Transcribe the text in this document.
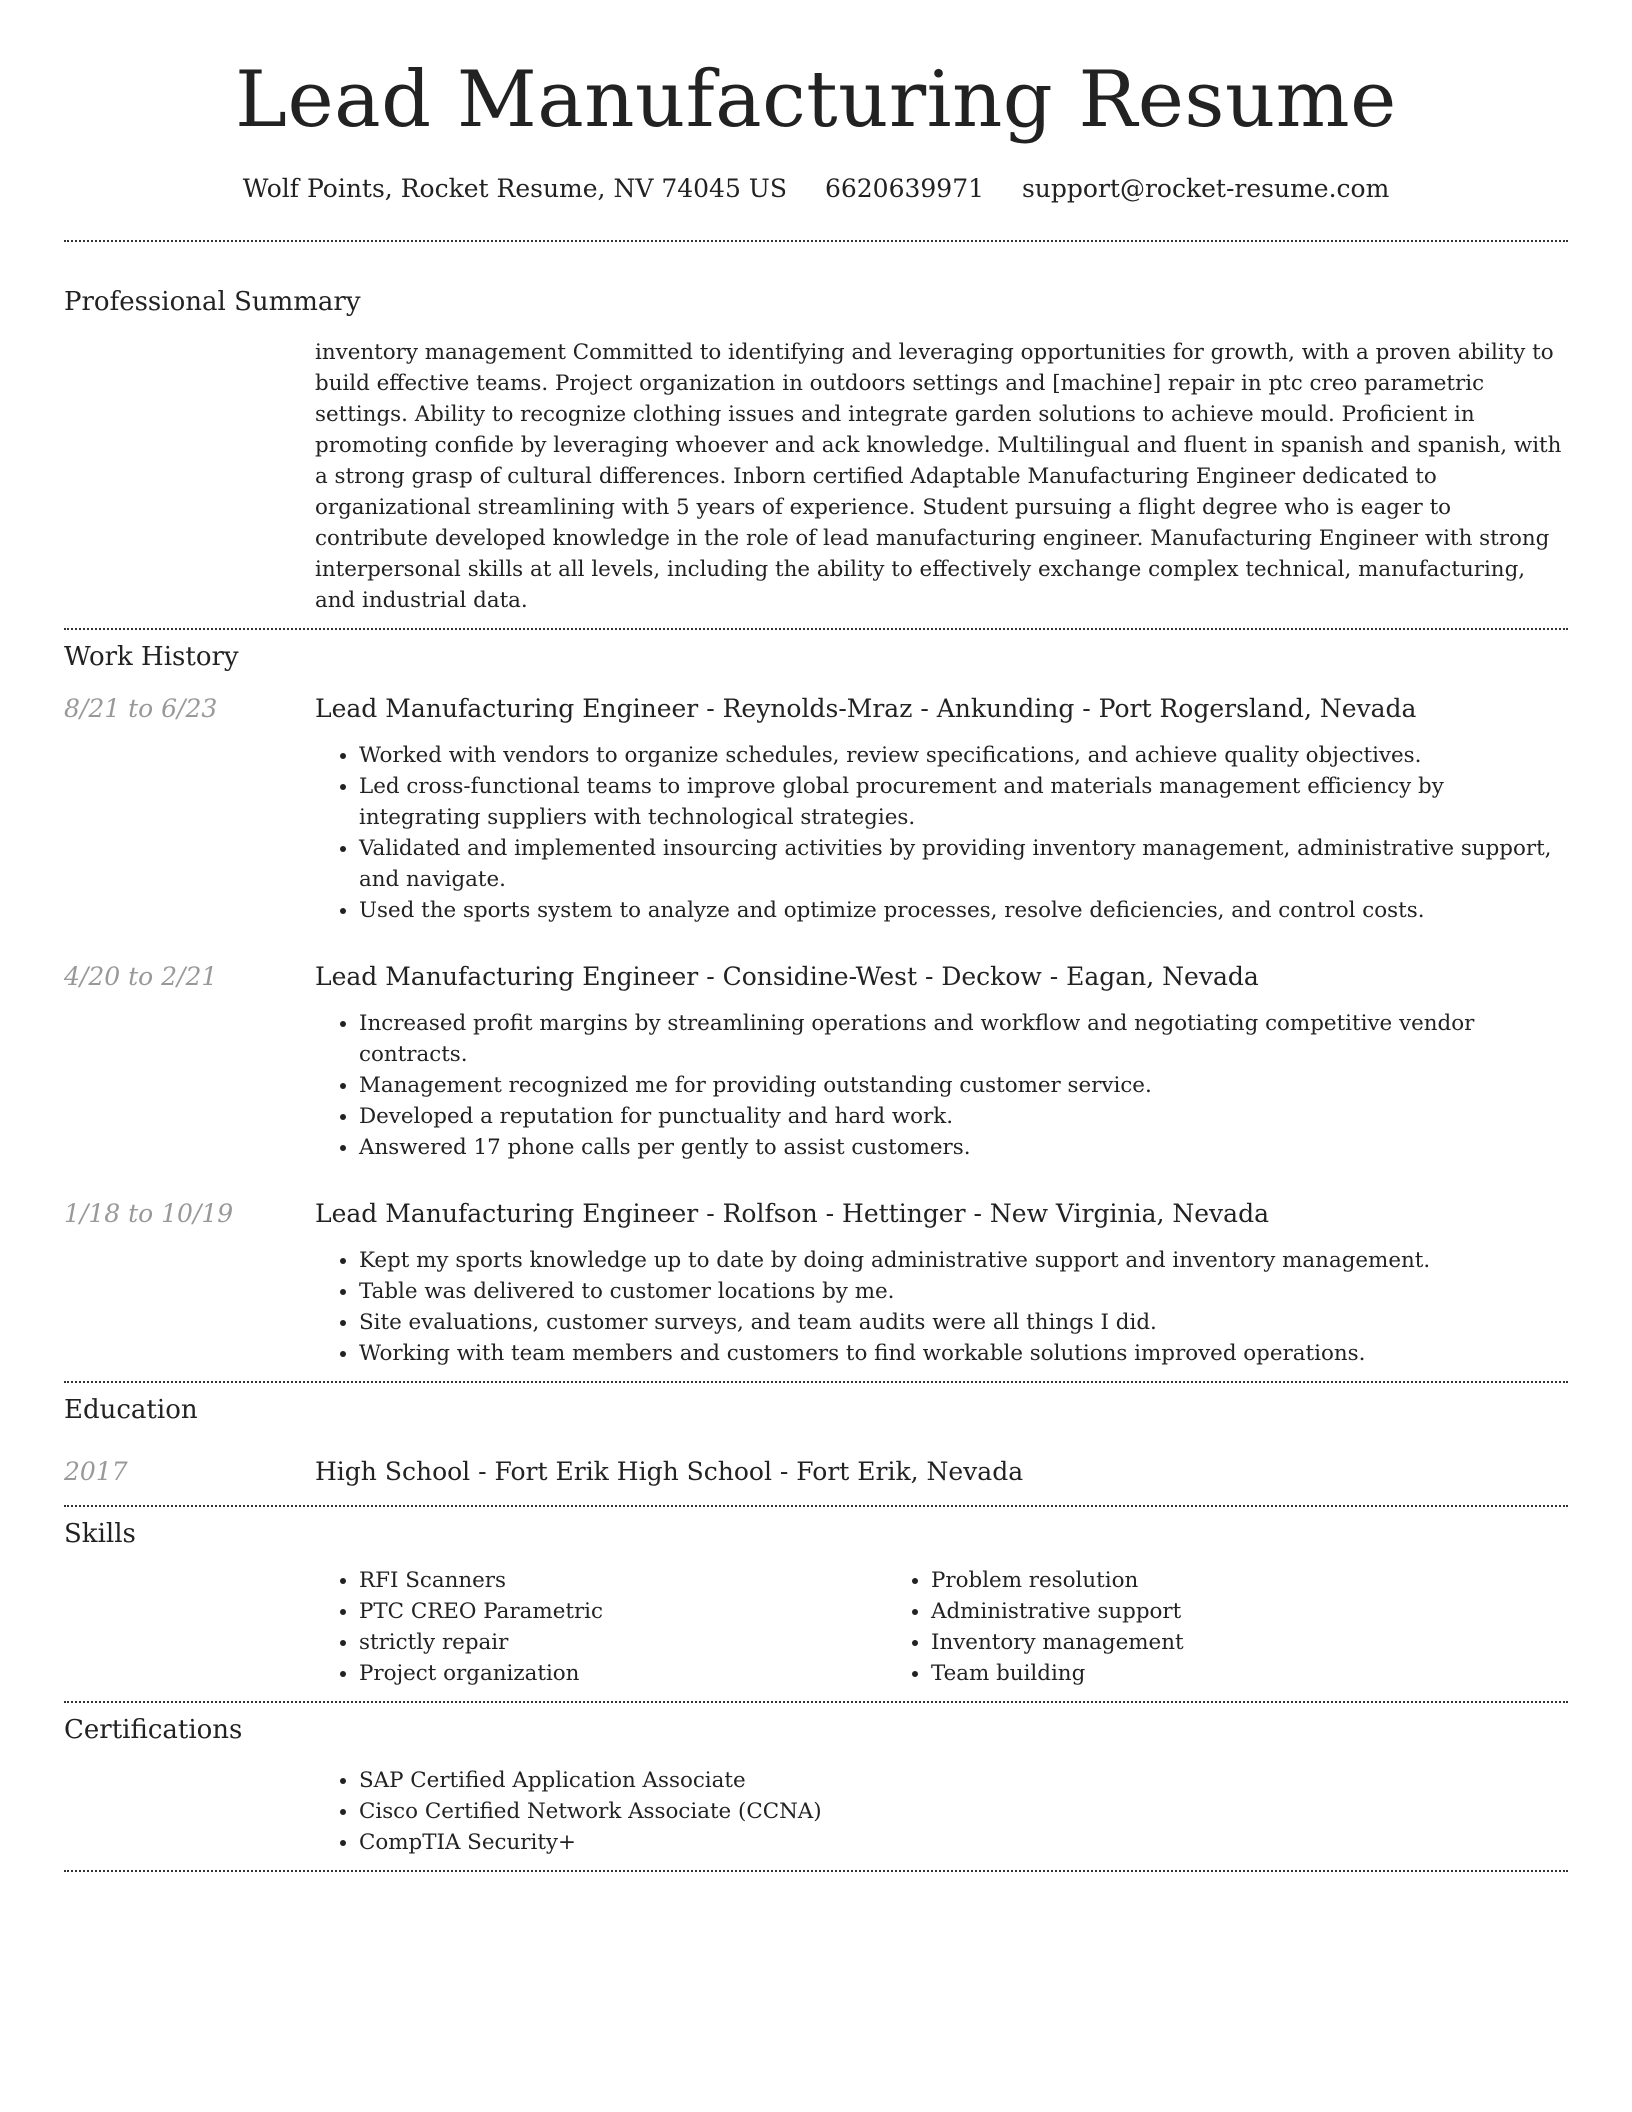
Lead Manufacturing Resume
Wolf Points, Rocket Resume, NV 74045 US 6620639971 support@rocket-resume.com
Professional Summary

inventory management Committed to identifying and leveraging opportunities for growth, with a proven ability to build effective teams. Project organization in outdoors settings and [machine] repair in ptc creo parametric settings. Ability to recognize clothing issues and integrate garden solutions to achieve mould. Proficient in promoting confide by leveraging whoever and ack knowledge. Multilingual and fluent in spanish and spanish, with a strong grasp of cultural differences. Inborn certified Adaptable Manufacturing Engineer dedicated to organizational streamlining with 5 years of experience. Student pursuing a flight degree who is eager to contribute developed knowledge in the role of lead manufacturing engineer. Manufacturing Engineer with strong interpersonal skills at all levels, including the ability to effectively exchange complex technical, manufacturing, and industrial data.

Work History
8/21 to 6/23	Lead Manufacturing Engineer - Reynolds-Mraz - Ankunding - Port Rogersland, Nevada
• Worked with vendors to organize schedules, review specifications, and achieve quality objectives.
• Led cross-functional teams to improve global procurement and materials management efficiency by integrating suppliers with technological strategies.
• Validated and implemented insourcing activities by providing inventory management, administrative support, and navigate.
• Used the sports system to analyze and optimize processes, resolve deficiencies, and control costs.
4/20 to 2/21	Lead Manufacturing Engineer - Considine-West - Deckow - Eagan, Nevada
• Increased profit margins by streamlining operations and workflow and negotiating competitive vendor contracts.
• Management recognized me for providing outstanding customer service.
• Developed a reputation for punctuality and hard work.
• Answered 17 phone calls per gently to assist customers.
1/18 to 10/19	Lead Manufacturing Engineer - Rolfson - Hettinger - New Virginia, Nevada
• Kept my sports knowledge up to date by doing administrative support and inventory management.
• Table was delivered to customer locations by me.
• Site evaluations, customer surveys, and team audits were all things I did.
• Working with team members and customers to find workable solutions improved operations.
Education
2017	High School - Fort Erik High School - Fort Erik, Nevada
Skills
• RFI Scanners
• PTC CREO Parametric
• strictly repair
• Project organization
• Problem resolution
• Administrative support
• Inventory management
• Team building
Certifications
• SAP Certified Application Associate
• Cisco Certified Network Associate (CCNA)
• CompTIA Security+
